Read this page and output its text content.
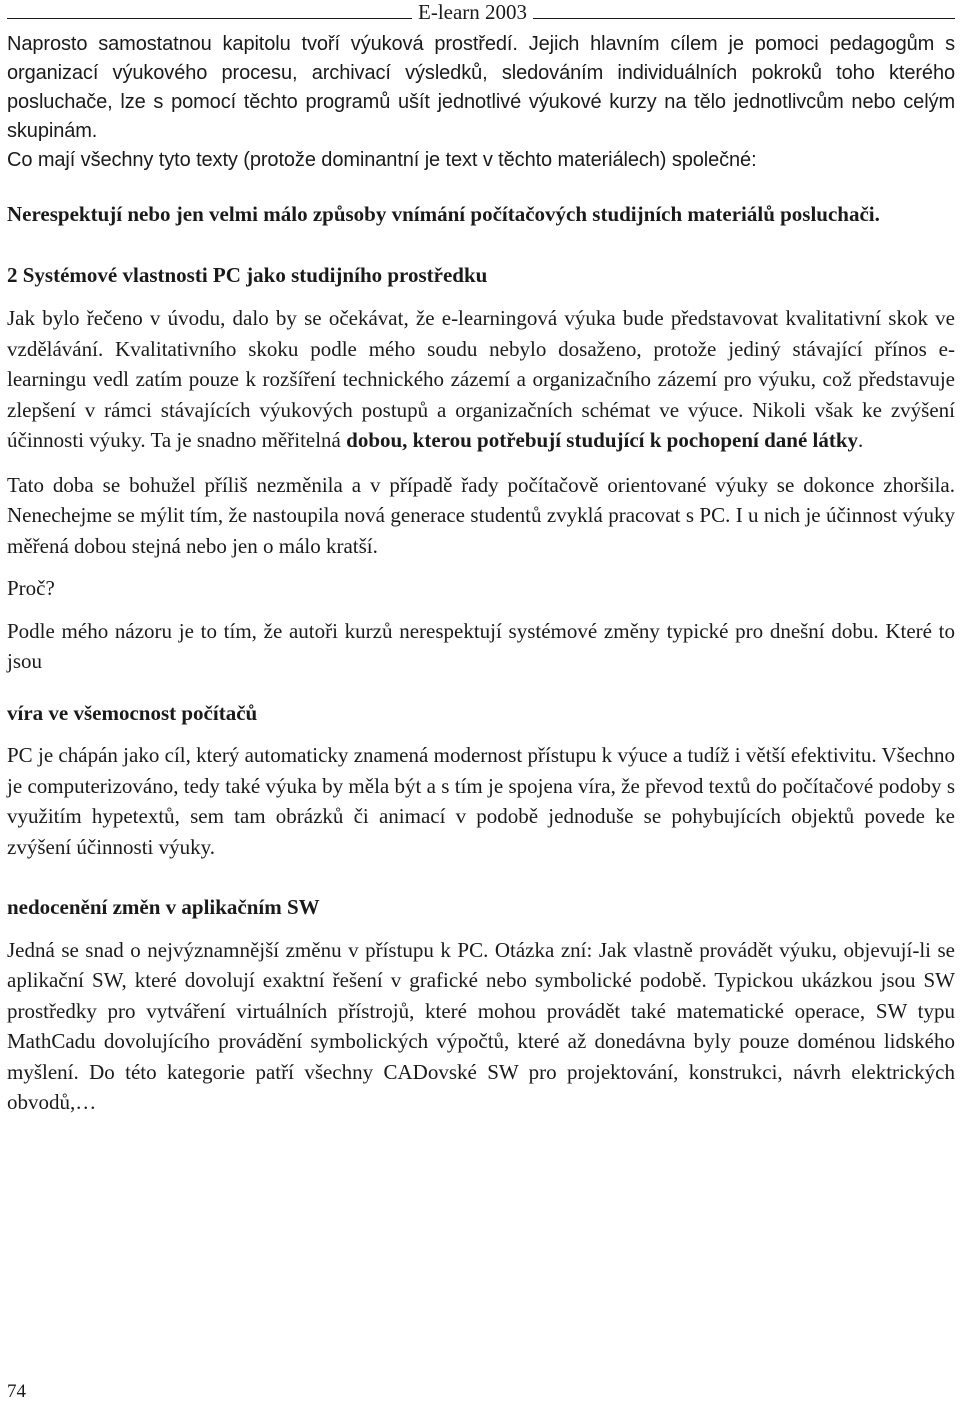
E-learn 2003

Naprosto samostatnou kapitolu tvoří výuková prostředí. Jejich hlavním cílem je pomoci pedagogům s organizací výukového procesu, archivací výsledků, sledováním individuálních pokroků toho kterého posluchače, lze s pomocí těchto programů ušít jednotlivé výukové kurzy na tělo jednotlivcům nebo celým skupinám.

Co mají všechny tyto texty (protože dominantní je text v těchto materiálech) společné:

Nerespektují nebo jen velmi málo způsoby vnímání počítačových studijních materiálů posluchači.

2 Systémové vlastnosti PC jako studijního prostředku

Jak bylo řečeno v úvodu, dalo by se očekávat, že e-learningová výuka bude představovat kvalitativní skok ve vzdělávání. Kvalitativního skoku podle mého soudu nebylo dosaženo, protože jediný stávající přínos e-learningu vedl zatím pouze k rozšíření technického zázemí a organizačního zázemí pro výuku, což představuje zlepšení v rámci stávajících výukových postupů a organizačních schémat ve výuce. Nikoli však ke zvýšení účinnosti výuky. Ta je snadno měřitelná dobou, kterou potřebují studující k pochopení dané látky.

Tato doba se bohužel příliš nezměnila a v případě řady počítačově orientované výuky se dokonce zhoršila. Nenechejme se mýlit tím, že nastoupila nová generace studentů zvyklá pracovat s PC. I u nich je účinnost výuky měřená dobou stejná nebo jen o málo kratší.

Proč?

Podle mého názoru je to tím, že autoři kurzů nerespektují systémové změny typické pro dnešní dobu. Které to jsou

víra ve všemocnost počítačů

PC je chápán jako cíl, který automaticky znamená modernost přístupu k výuce a tudíž i větší efektivitu. Všechno je computerizováno, tedy také výuka by měla být a s tím je spojena víra, že převod textů do počítačové podoby s využitím hypetextů, sem tam obrázků či animací v podobě jednoduše se pohybujících objektů povede ke zvýšení účinnosti výuky.

nedocenění změn v aplikačním SW

Jedná se snad o nejvýznamnější změnu v přístupu k PC. Otázka zní: Jak vlastně provádět výuku, objevují-li se aplikační SW, které dovolují exaktní řešení v grafické nebo symbolické podobě. Typickou ukázkou jsou SW prostředky pro vytváření virtuálních přístrojů, které mohou provádět také matematické operace, SW typu MathCadu dovolujícího provádění symbolických výpočtů, které až donedávna byly pouze doménou lidského myšlení. Do této kategorie patří všechny CADovské SW pro projektování, konstrukci, návrh elektrických obvodů,…

74
